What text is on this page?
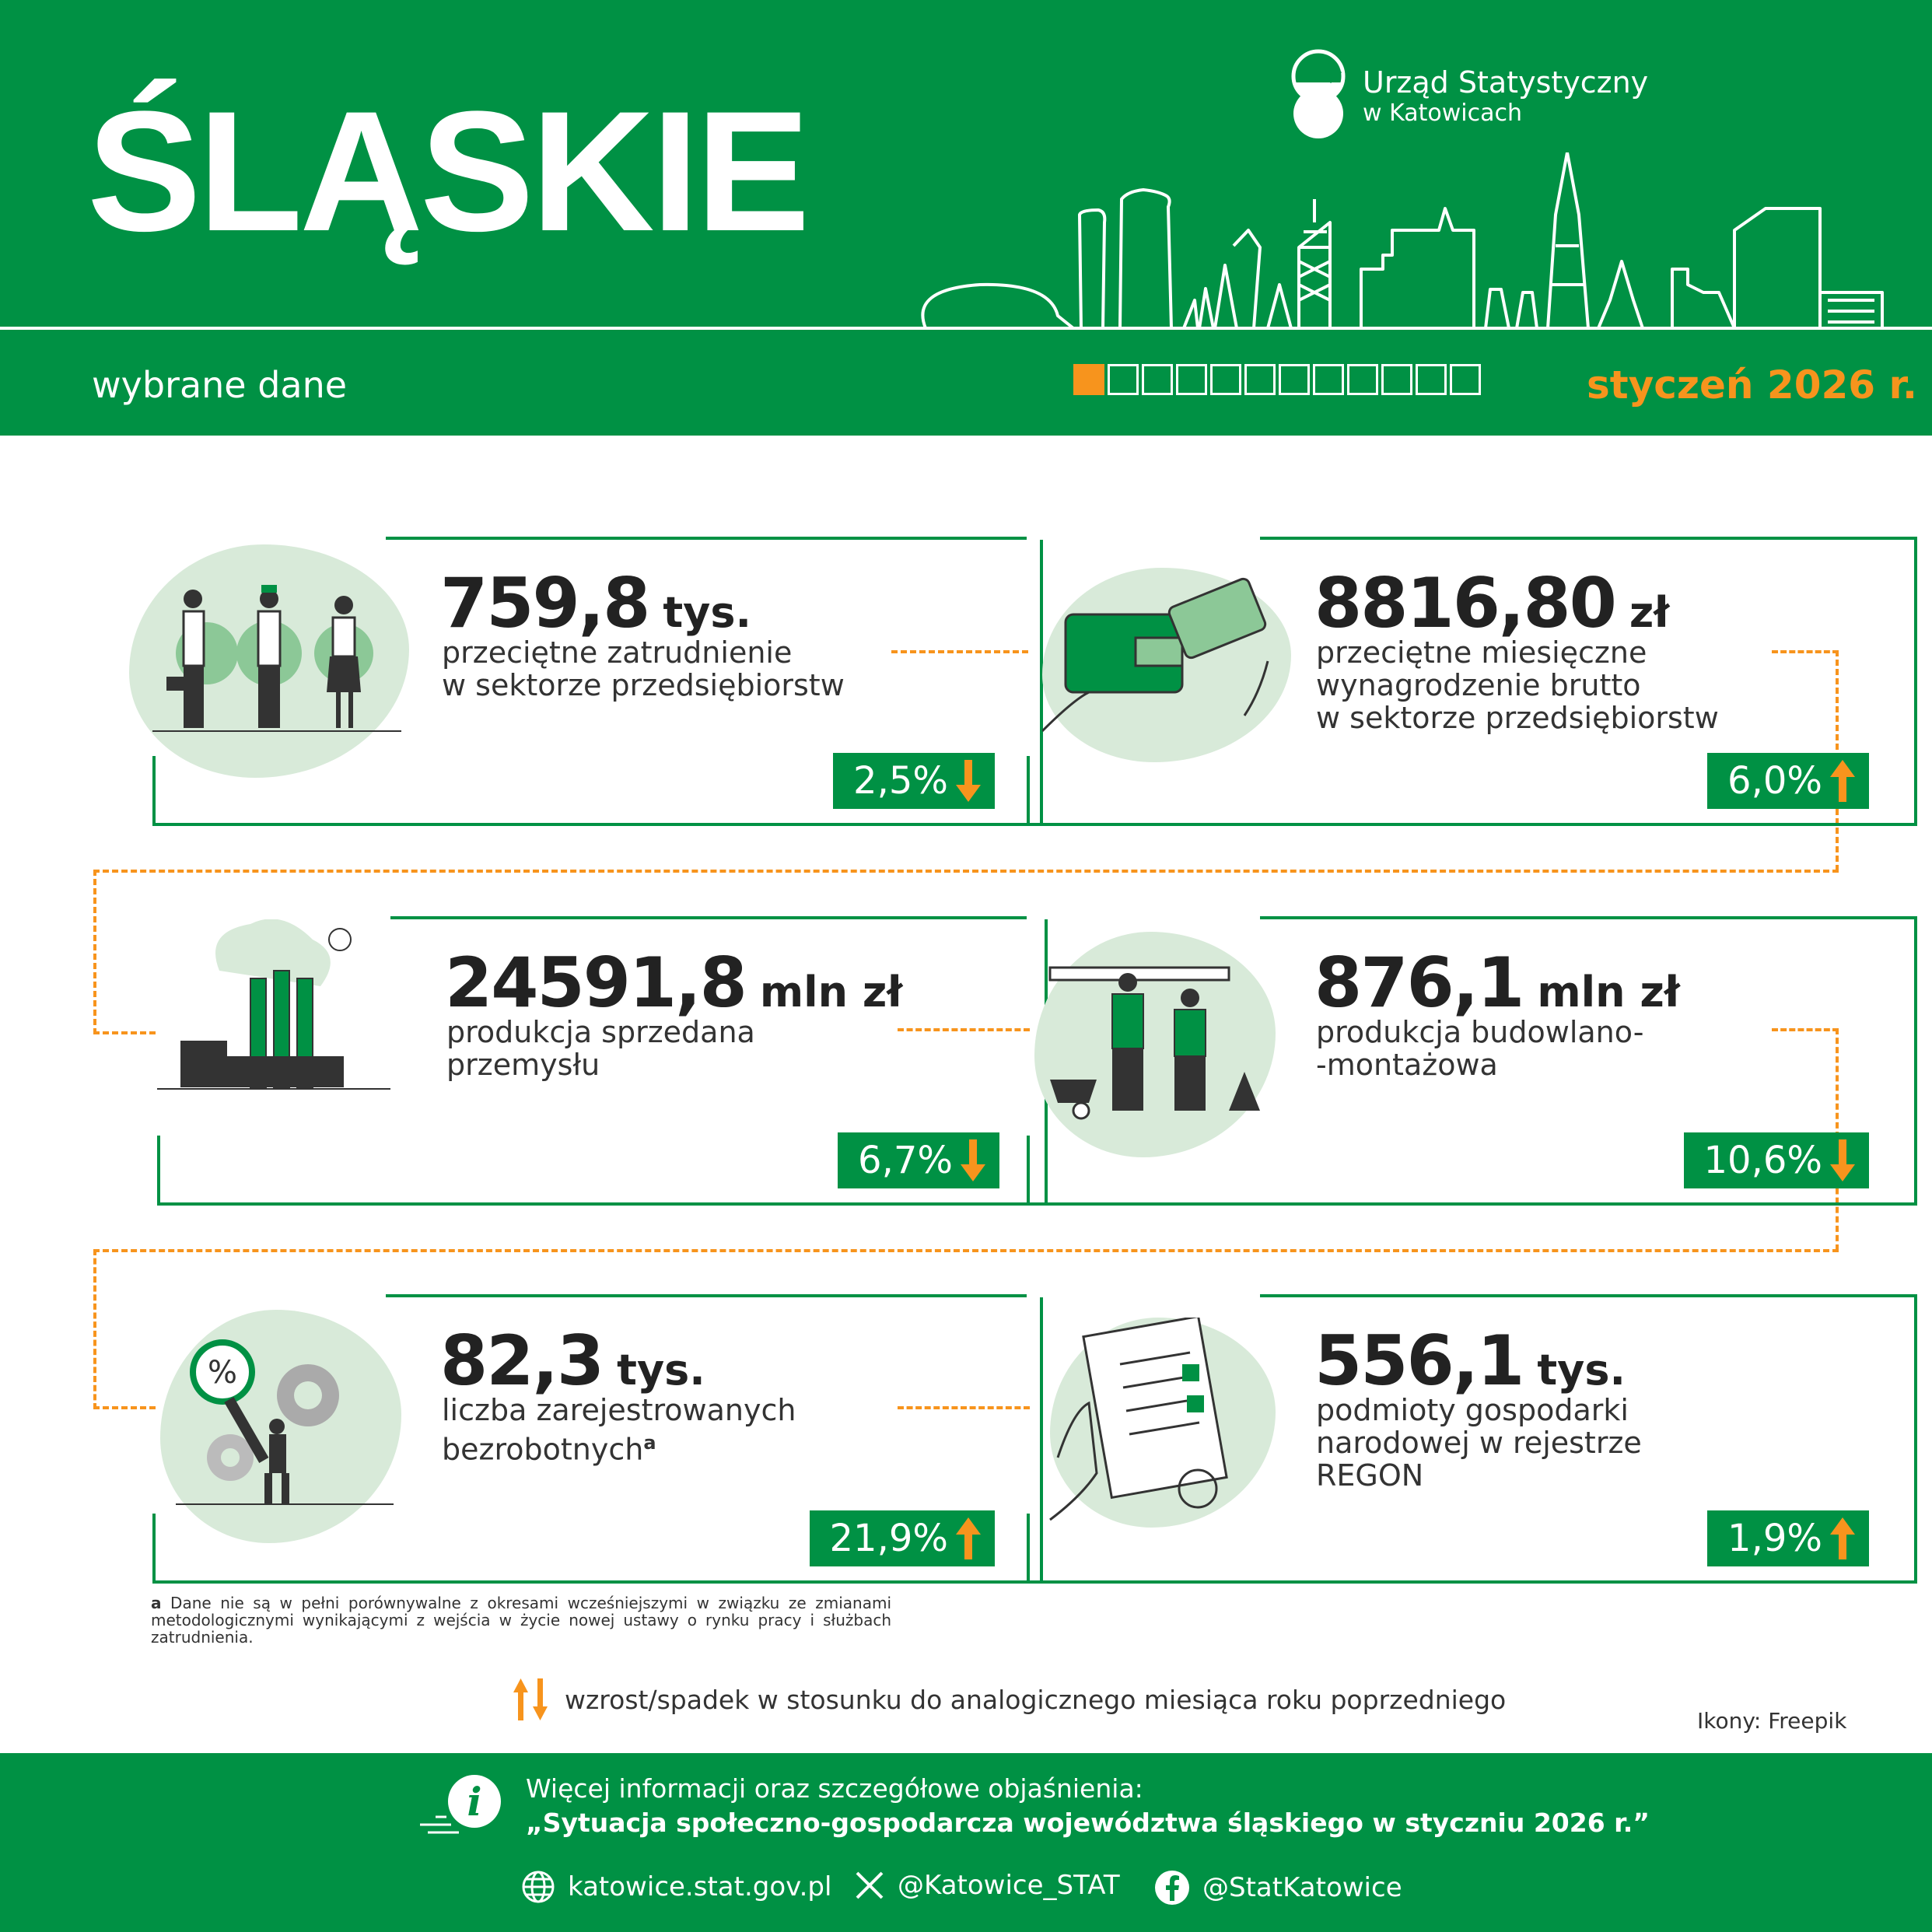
ŚLĄSKIE
wybrane dane
Urząd Statystyczny
w Katowicach
styczeń 2026 r.
759,8 tys.
przeciętne zatrudnienie
w sektorze przedsiębiorstw
2,5%
8816,80 zł
przeciętne miesięczne
wynagrodzenie brutto
w sektorze przedsiębiorstw
6,0%
24591,8 mln zł
produkcja sprzedana
przemysłu
6,7%
876,1 mln zł
produkcja budowlano-
-montażowa
10,6%
%	82,3 tys.
liczba zarejestrowanych
bezrobotnych$^a$
21,9%
556,1 tys.
podmioty gospodarki
narodowej w rejestrze
REGON
1,9%
a Dane nie są w pełni porównywalne z okresami wcześniejszymi w związku ze zmianami metodologicznymi wynikającymi z wejścia w życie nowej ustawy o rynku pracy i służbach zatrudnienia.
wzrost/spadek w stosunku do analogicznego miesiąca roku poprzedniego
Ikony: Freepik
i Więcej informacji oraz szczegółowe objaśnienia:
„Sytuacja społeczno-gospodarcza województwa śląskiego w styczniu 2026 r.”
katowice.stat.gov.pl @Katowice_STAT	@StatKatowice
